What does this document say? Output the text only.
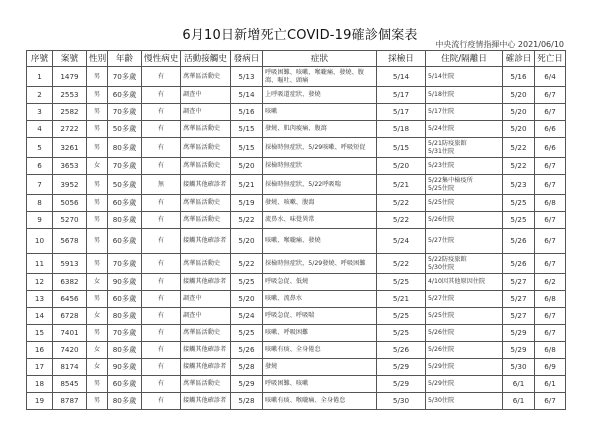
6月10日新增死亡COVID-19確診個案表
中央流行疫情指揮中心 2021/06/10
序號	案號	性別	年齡	慢性病史	活動接觸史	發病日	症狀	採檢日	住院/隔離日	確診日	死亡日
1	1479	男	70多歲	有	萬華區活動史	5/13	呼吸困難、咳嗽、喉嚨痛、發燒、腹瀉、嘔吐、頭痛	5/14	5/14住院	5/16	6/4
2	2553	男	60多歲	有	調查中	5/14	上呼吸道症狀、發燒	5/17	5/18住院	5/20	6/7
3	2582	男	70多歲	有	調查中	5/16	咳嗽	5/17	5/17住院	5/20	6/7
4	2722	男	50多歲	有	萬華區活動史	5/15	發燒、肌肉痠痛、腹瀉	5/18	5/24住院	5/20	6/6
5	3261	男	80多歲	有	萬華區活動史	5/15	採檢時無症狀，5/29咳嗽、呼吸短促	5/15	5/21防疫旅館
5/31住院	5/22	6/6
6	3653	女	70多歲	有	萬華區活動史	5/20	採檢時無症狀	5/20	5/23住院	5/22	6/7
7	3952	男	50多歲	無	接觸其他確診者	5/21	採檢時無症狀，5/22呼吸喘	5/21	5/22集中檢疫所
5/25住院	5/23	6/7
8	5056	男	60多歲	有	萬華區活動史	5/19	發燒、咳嗽、腹瀉	5/22	5/25住院	5/25	6/8
9	5270	男	80多歲	有	萬華區活動史	5/22	流鼻水、味覺異常	5/22	5/26住院	5/25	6/7
10	5678	男	60多歲	有	接觸其他確診者	5/20	咳嗽、喉嚨痛、發燒	5/24	5/27住院	5/26	6/7
11	5913	男	70多歲	有	萬華區活動史	5/22	採檢時無症狀，5/29發燒、呼吸困難	5/22	5/22防疫旅館
5/30住院	5/26	6/7
12	6382	女	90多歲	有	接觸其他確診者	5/25	呼吸急促、低燒	5/25	4/10因其他原因住院	5/27	6/2
13	6456	男	60多歲	有	調查中	5/20	咳嗽、流鼻水	5/21	5/27住院	5/27	6/8
14	6728	女	80多歲	有	調查中	5/24	呼吸急促、呼吸喘	5/25	5/25住院	5/27	6/7
15	7401	男	70多歲	有	萬華區活動史	5/25	咳嗽、呼吸困難	5/25	5/26住院	5/29	6/7
16	7420	女	80多歲	有	接觸其他確診者	5/26	咳嗽有痰、全身倦怠	5/26	5/26住院	5/29	6/8
17	8174	女	90多歲	有	接觸其他確診者	5/28	發燒	5/29	5/29住院	5/30	6/9
18	8545	男	60多歲	有	萬華區活動史	5/29	呼吸困難、咳嗽	5/29	5/29住院	6/1	6/1
19	8787	男	80多歲	有	接觸其他確診者	5/28	咳嗽有痰、喉嚨痛、全身倦怠	5/30	5/30住院	6/1	6/7
